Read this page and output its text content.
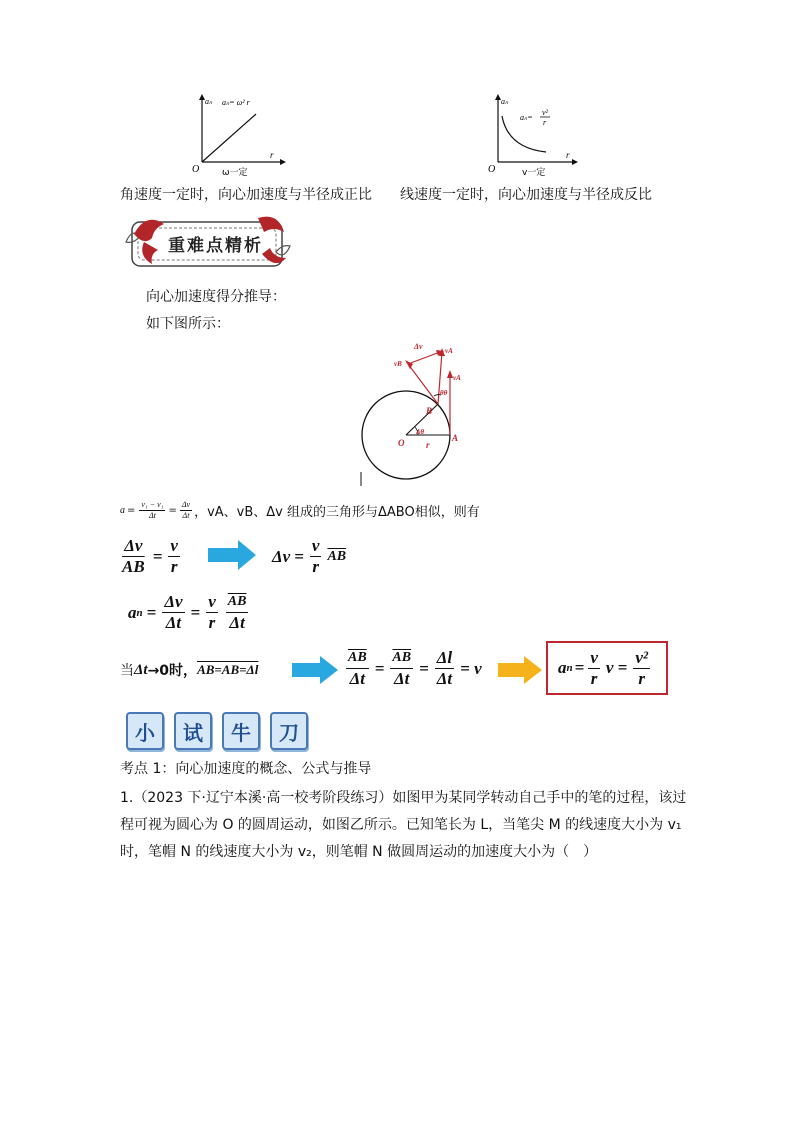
aₙ aₙ= ω² r
O
r
ω一定
aₙ
aₙ=
v²
r
O
r
v一定
角速度一定时，向心加速度与半径成正比 线速度一定时，向心加速度与半径成反比
重难点精析
向心加速度得分推导：
如下图所示：
Δv	vA
vB
vA
θθ
B
Δθ
O	A
r
$a = \frac{\text{v₁ − v₁}}{\Delta t} = \frac{\Delta v}{\Delta t}$ ，vA、vB、Δv 组成的三角形与ΔABO相似，则有
$\frac{\Delta v}{AB} = \frac{v}{r}$	$\Delta v = \frac{v}{r} \overline{AB}$
a $n = \frac{\Delta v}{\Delta t} = \frac{v}{r} \frac{\overline{AB}}{\Delta t}$
当 Δt →0时， AB=AB=Δl	$\frac{\overline{AB}}{\Delta t} = \frac{\overline{AB}}{\Delta t} = \frac{\Delta l}{\Delta t} = v$	a $n = \frac{v}{r}$ $v = \frac{\text{v²}}{r}$
小	试	牛	刀
考点 1：向心加速度的概念、公式与推导
1.（2023 下·辽宁本溪·高一校考阶段练习）如图甲为某同学转动自己手中的笔的过程，该过
程可视为圆心为 O 的圆周运动，如图乙所示。已知笔长为 L，当笔尖 M 的线速度大小为 v₁
时，笔帽 N 的线速度大小为 v₂，则笔帽 N 做圆周运动的加速度大小为（　）
